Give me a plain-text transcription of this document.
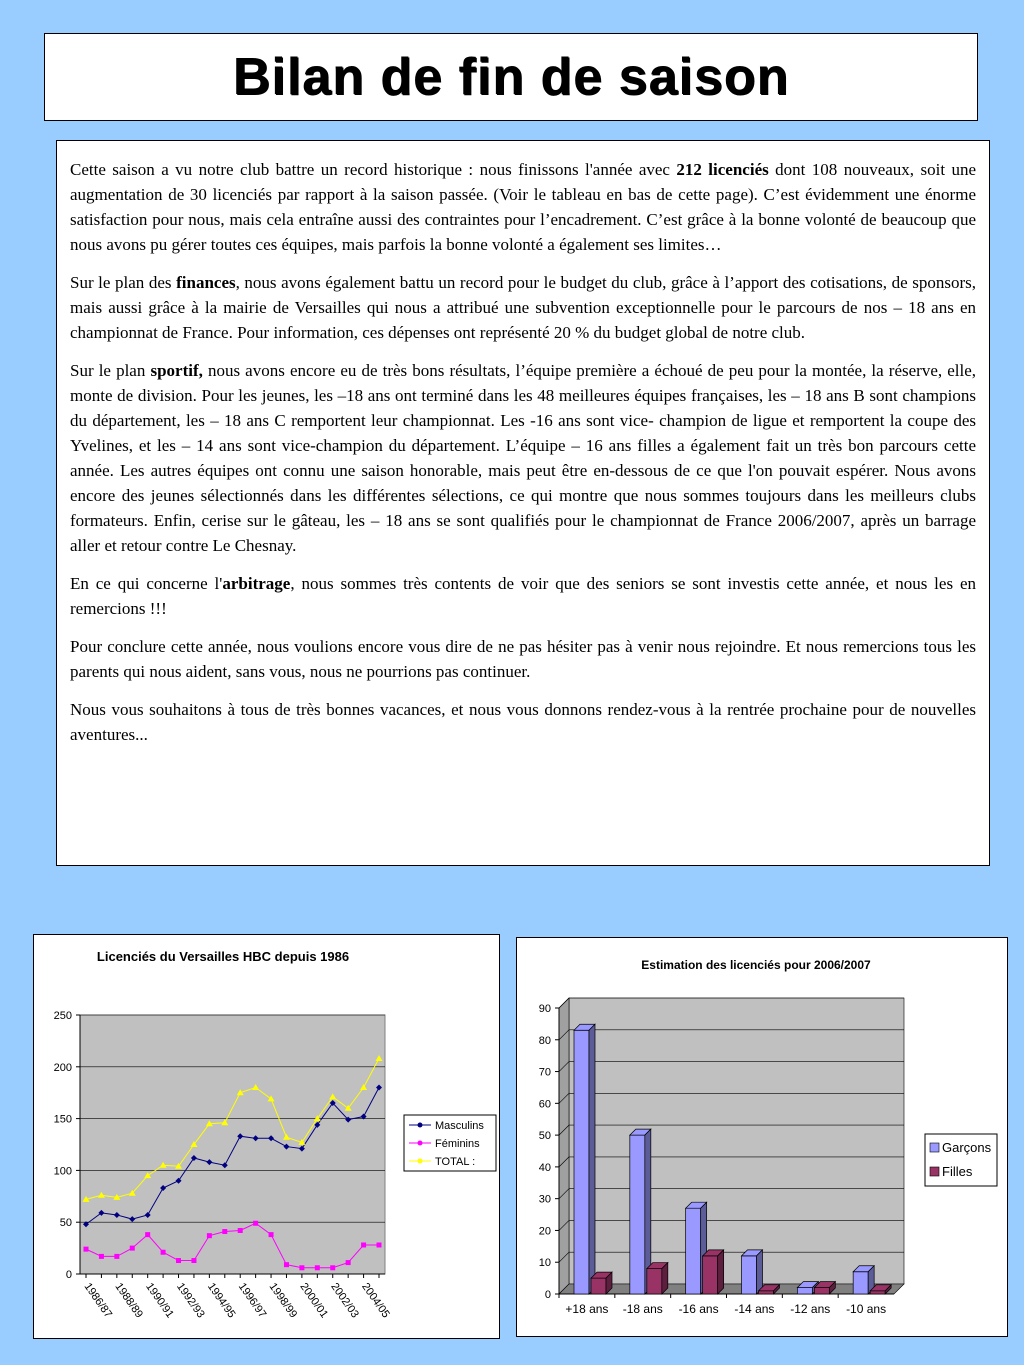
Bilan de fin de saison

Cette saison a vu notre club battre un record historique : nous finissons l'année avec 212 licenciés dont 108 nouveaux, soit une augmentation de 30 licenciés par rapport à la saison passée. (Voir le tableau en bas de cette page). C’est évidemment une énorme satisfaction pour nous, mais cela entraîne aussi des contraintes pour l’encadrement. C’est grâce à la bonne volonté de beaucoup que nous avons pu gérer toutes ces équipes, mais parfois la bonne volonté a également ses limites…

Sur le plan des finances, nous avons également battu un record pour le budget du club, grâce à l’apport des cotisations, de sponsors, mais aussi grâce à la mairie de Versailles qui nous a attribué une subvention exceptionnelle pour le parcours de nos – 18 ans en championnat de France. Pour information, ces dépenses ont représenté 20 % du budget global de notre club.

Sur le plan sportif, nous avons encore eu de très bons résultats, l’équipe première a échoué de peu pour la montée, la réserve, elle, monte de division. Pour les jeunes, les –18 ans ont terminé dans les 48 meilleures équipes françaises, les – 18 ans B sont champions du département, les – 18 ans C remportent leur championnat. Les -16 ans sont vice- champion de ligue et remportent la coupe des Yvelines, et les – 14 ans sont vice-champion du département. L’équipe – 16 ans filles a également fait un très bon parcours cette année. Les autres équipes ont connu une saison honorable, mais peut être en-dessous de ce que l'on pouvait espérer. Nous avons encore des jeunes sélectionnés dans les différentes sélections, ce qui montre que nous sommes toujours dans les meilleurs clubs formateurs. Enfin, cerise sur le gâteau, les – 18 ans se sont qualifiés pour le championnat de France 2006/2007, après un barrage aller et retour contre Le Chesnay.

En ce qui concerne l'arbitrage, nous sommes très contents de voir que des seniors se sont investis cette année, et nous les en remercions !!!

Pour conclure cette année, nous voulions encore vous dire de ne pas hésiter pas à venir nous rejoindre. Et nous remercions tous les parents qui nous aident, sans vous, nous ne pourrions pas continuer.

Nous vous souhaitons à tous de très bonnes vacances, et nous vous donnons rendez-vous à la rentrée prochaine pour de nouvelles aventures...

Licenciés du Versailles HBC depuis 1986
0
50
100
150
200
250
1986/87
1988/89
1990/91
1992/93
1994/95
1996/97
1998/99
2000/01
2002/03
2004/05
Masculins
Féminins
TOTAL :
Estimation des licenciés pour 2006/2007
0
10
20
30
40
50
60
70
80
90
+18 ans -18 ans -16 ans -14 ans -12 ans -10 ans
Garçons
Filles
